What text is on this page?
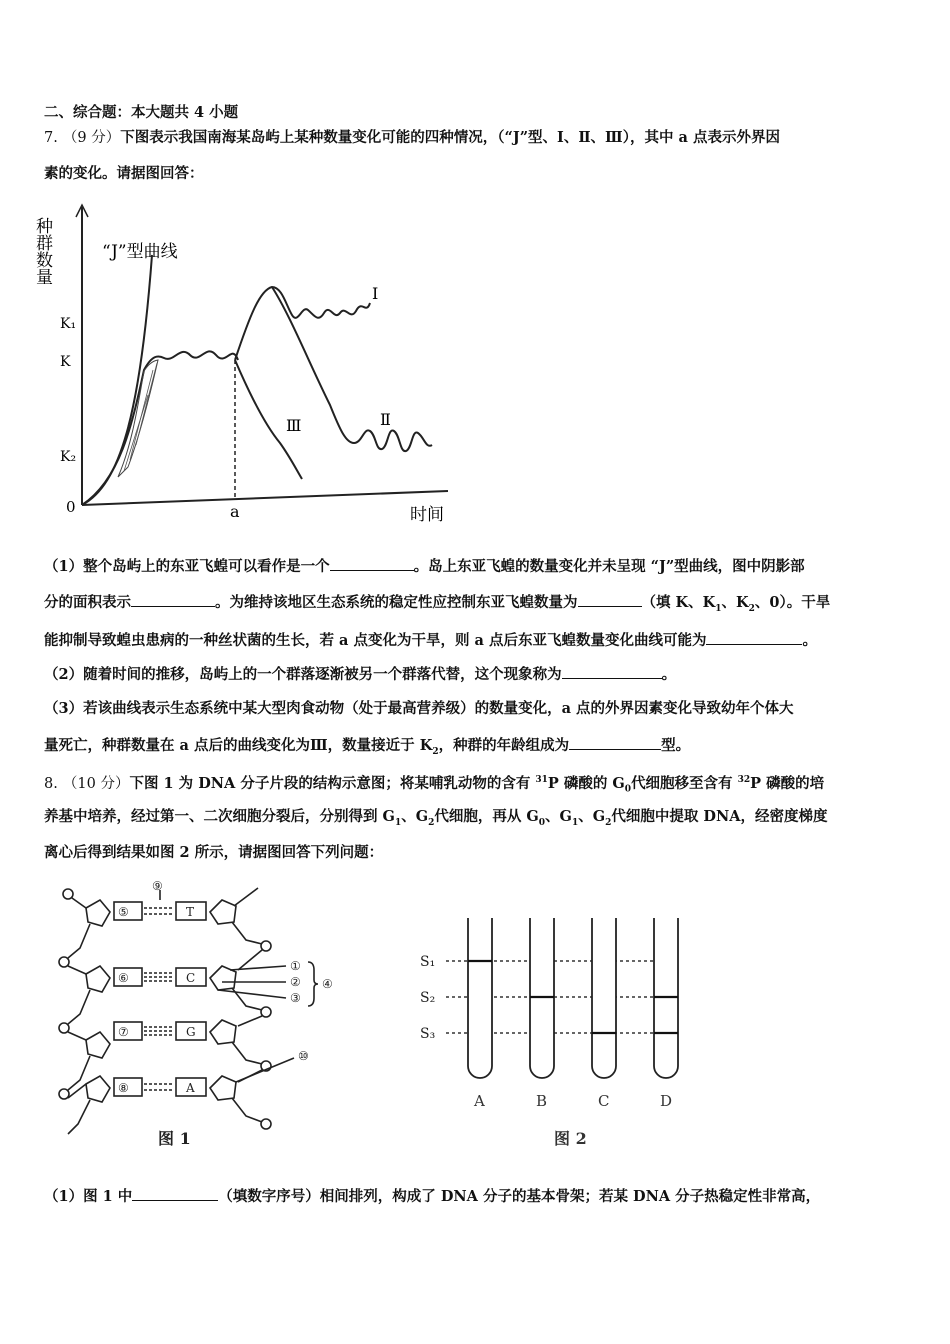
二、综合题：本大题共 4 小题
7. （9 分）下图表示我国南海某岛屿上某种数量变化可能的四种情况，（“J”型、Ⅰ、Ⅱ、Ⅲ），其中 a 点表示外界因
素的变化。请据图回答：
种群数量
K₁
K
K₂
0	a	时间
“J”型曲线
Ⅰ
Ⅱ
Ⅲ
（1）整个岛屿上的东亚飞蝗可以看作是一个	。岛上东亚飞蝗的数量变化并未呈现 “J”型曲线，图中阴影部
分的面积表示	。为维持该地区生态系统的稳定性应控制东亚飞蝗数量为	（填 K、$K_1$、$K_2$、0）。干旱
能抑制导致蝗虫患病的一种丝状菌的生长，若 a 点变化为干旱，则 a 点后东亚飞蝗数量变化曲线可能为	。
（2）随着时间的推移，岛屿上的一个群落逐渐被另一个群落代替，这个现象称为	。
（3）若该曲线表示生态系统中某大型肉食动物（处于最高营养级）的数量变化，a 点的外界因素变化导致幼年个体大
量死亡，种群数量在 a 点后的曲线变化为Ⅲ，数量接近于 $K_2$，种群的年龄组成为	型。
8. （10 分）下图 1 为 DNA 分子片段的结构示意图；将某哺乳动物的含有 $^{31}$P 磷酸的 $G_0$代细胞移至含有 $^{32}$P 磷酸的培
养基中培养，经过第一、二次细胞分裂后，分别得到 $G_1$、$G_2$代细胞，再从 $G_0$、$G_1$、$G_2$代细胞中提取 DNA，经密度梯度
离心后得到结果如图 2 所示，请据图回答下列问题：
⑤
⑥
⑦
⑧
T
C
G
A
⑨
①
②
③
④
⑩
图 1
S₁
S₂
S₃
A	B	C	D
图 2
（1）图 1 中	（填数字序号）相间排列，构成了 DNA 分子的基本骨架；若某 DNA 分子热稳定性非常高，
